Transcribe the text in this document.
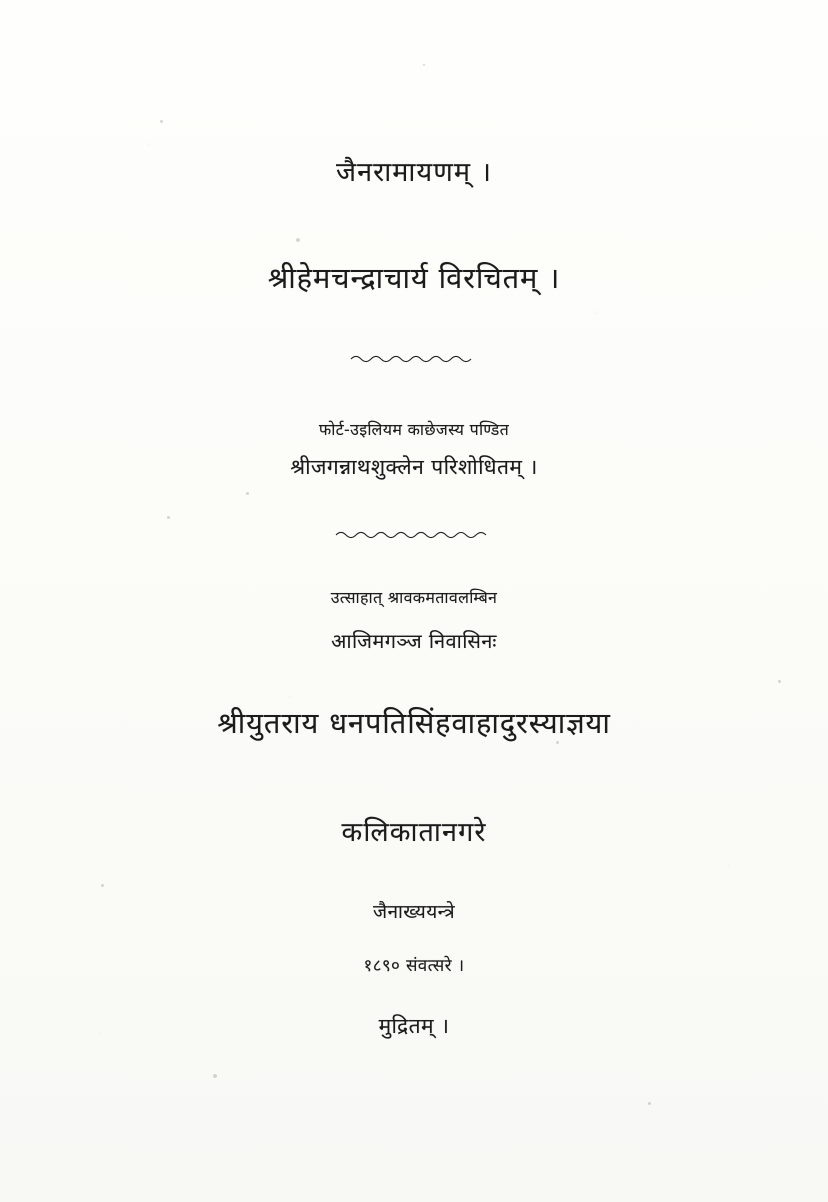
जैनरामायणम् ।
श्रीहेमचन्द्राचार्य विरचितम् ।
फोर्ट-उइलियम काछेजस्य पण्डित
श्रीजगन्नाथशुक्लेन परिशोधितम् ।
उत्साहात् श्रावकमतावलम्बिन
आजिमगञ्ज निवासिनः
श्रीयुतराय धनपतिसिंहवाहादुरस्याज्ञया
कलिकातानगरे
जैनाख्ययन्त्रे
१८९० संवत्सरे ।
मुद्रितम् ।
